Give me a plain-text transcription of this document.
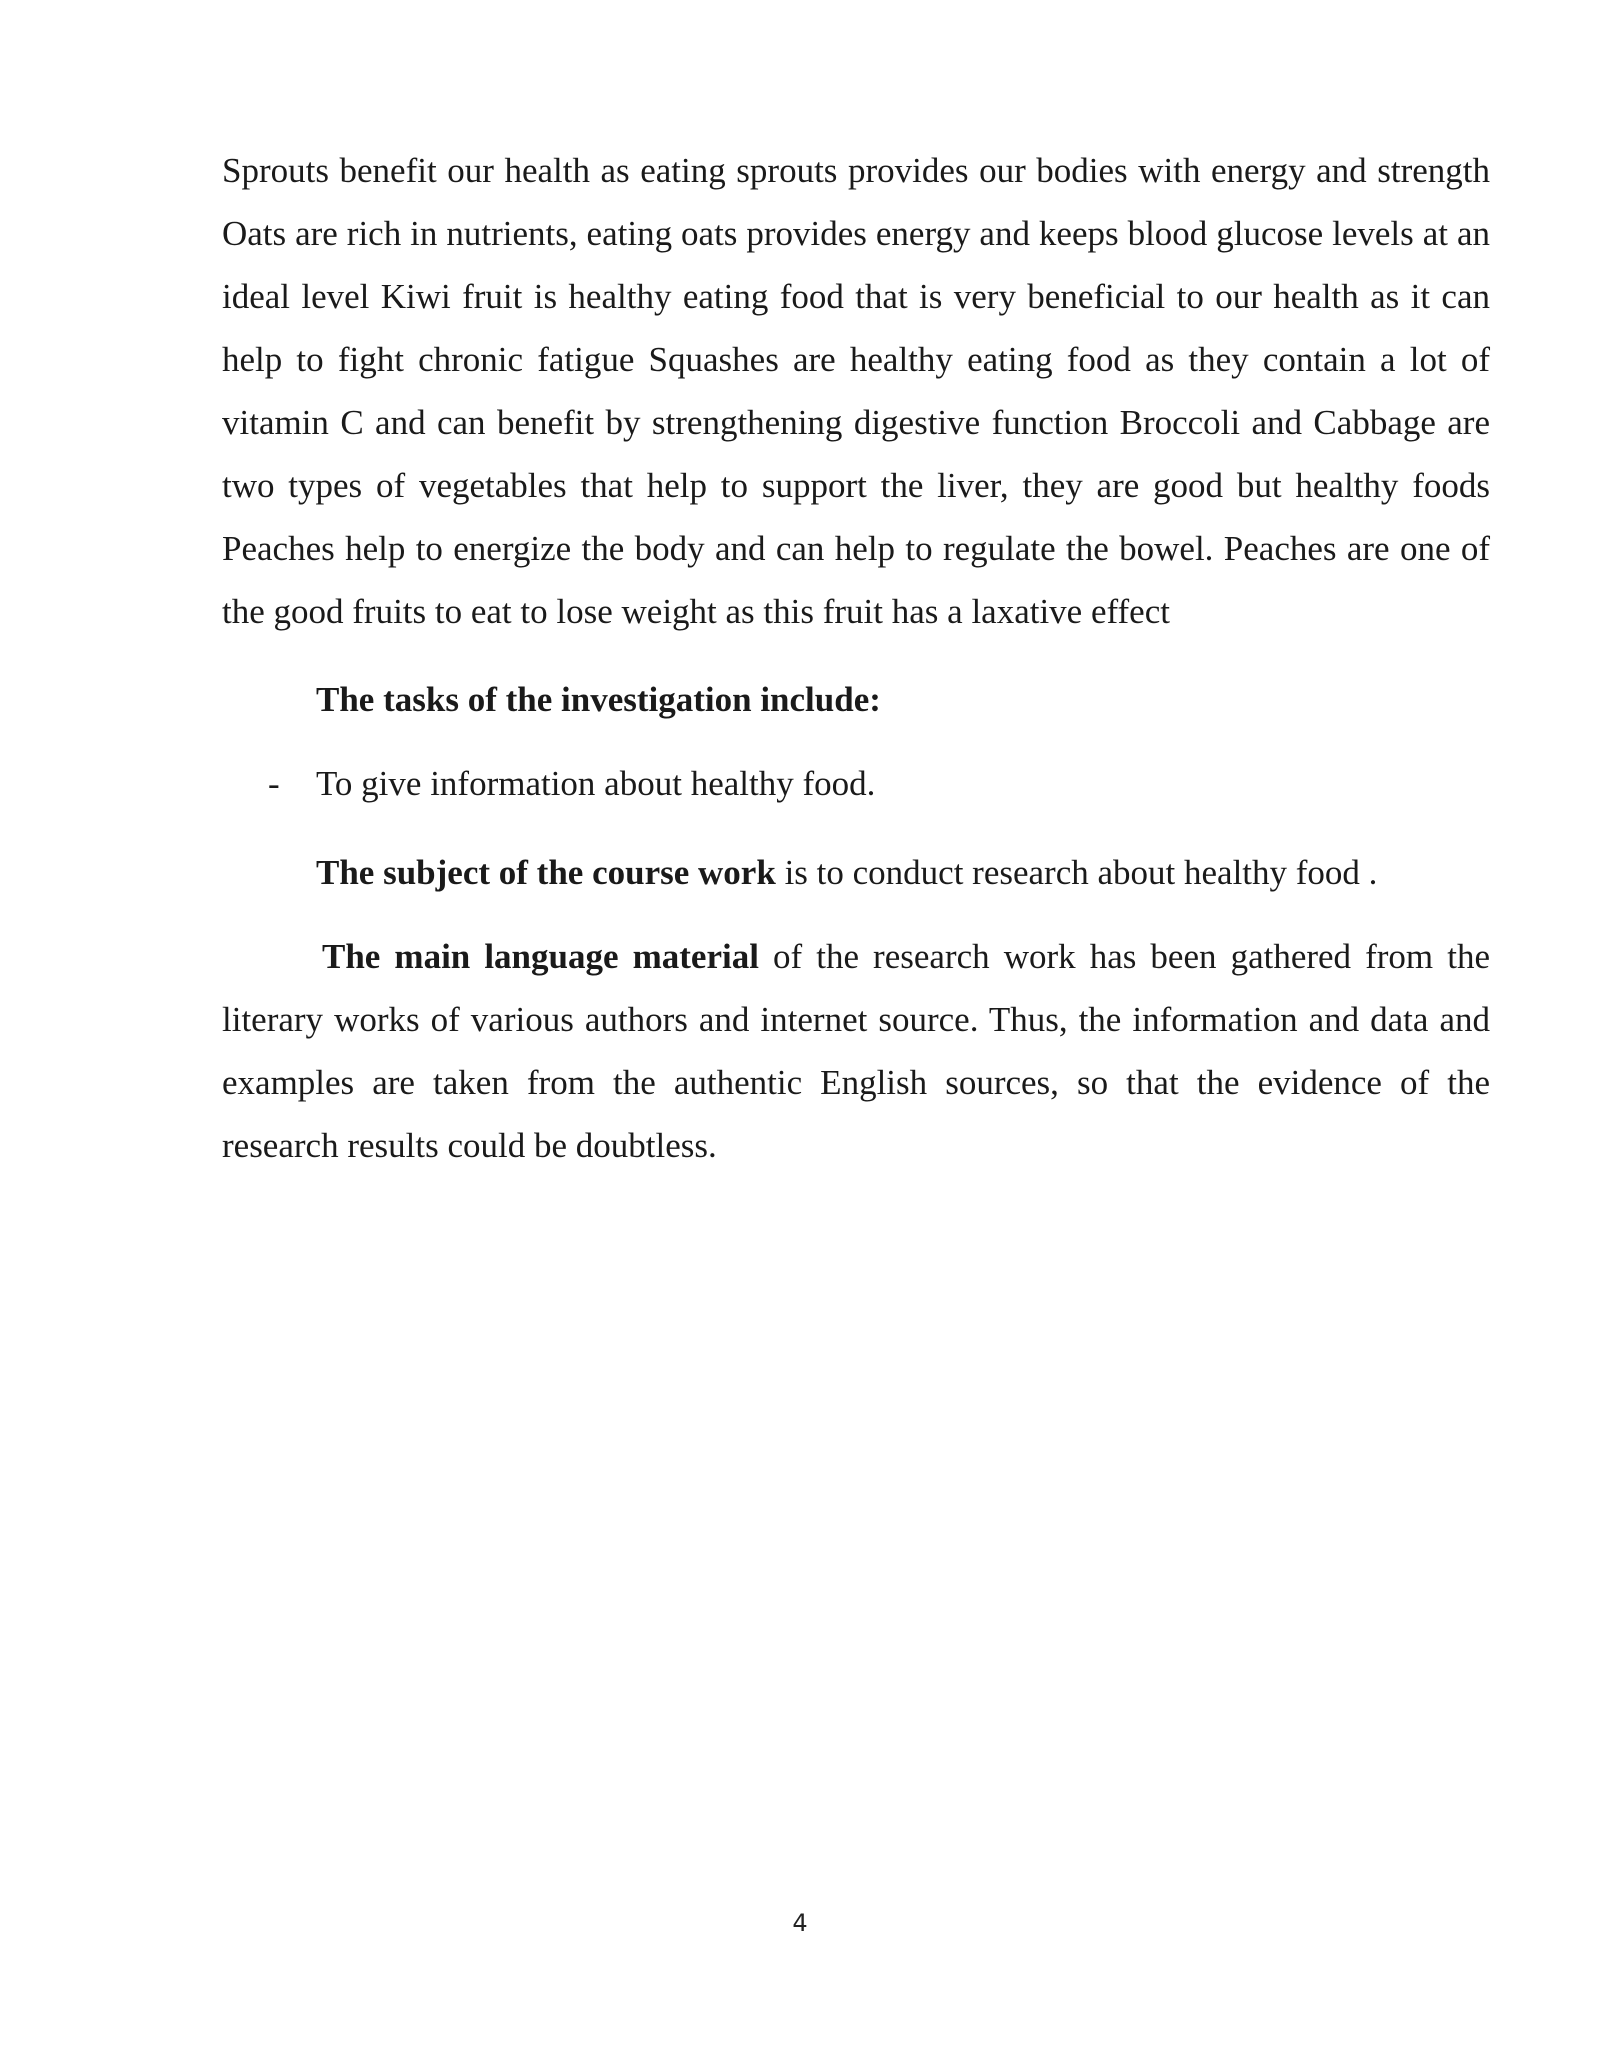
Sprouts benefit our health as eating sprouts provides our bodies with energy and strength Oats are rich in nutrients, eating oats provides energy and keeps blood glucose levels at an ideal level Kiwi fruit is healthy eating food that is very beneficial to our health as it can help to fight chronic fatigue Squashes are healthy eating food as they contain a lot of vitamin C and can benefit by strengthening digestive function Broccoli and Cabbage are two types of vegetables that help to support the liver, they are good but healthy foods Peaches help to energize the body and can help to regulate the bowel. Peaches are one of the good fruits to eat to lose weight as this fruit has a laxative effect

The tasks of the investigation include:
- To give information about healthy food.
The subject of the course work is to conduct research about healthy food .

The main language material of the research work has been gathered from the literary works of various authors and internet source. Thus, the information and data and examples are taken from the authentic English sources, so that the evidence of the research results could be doubtless.

4
